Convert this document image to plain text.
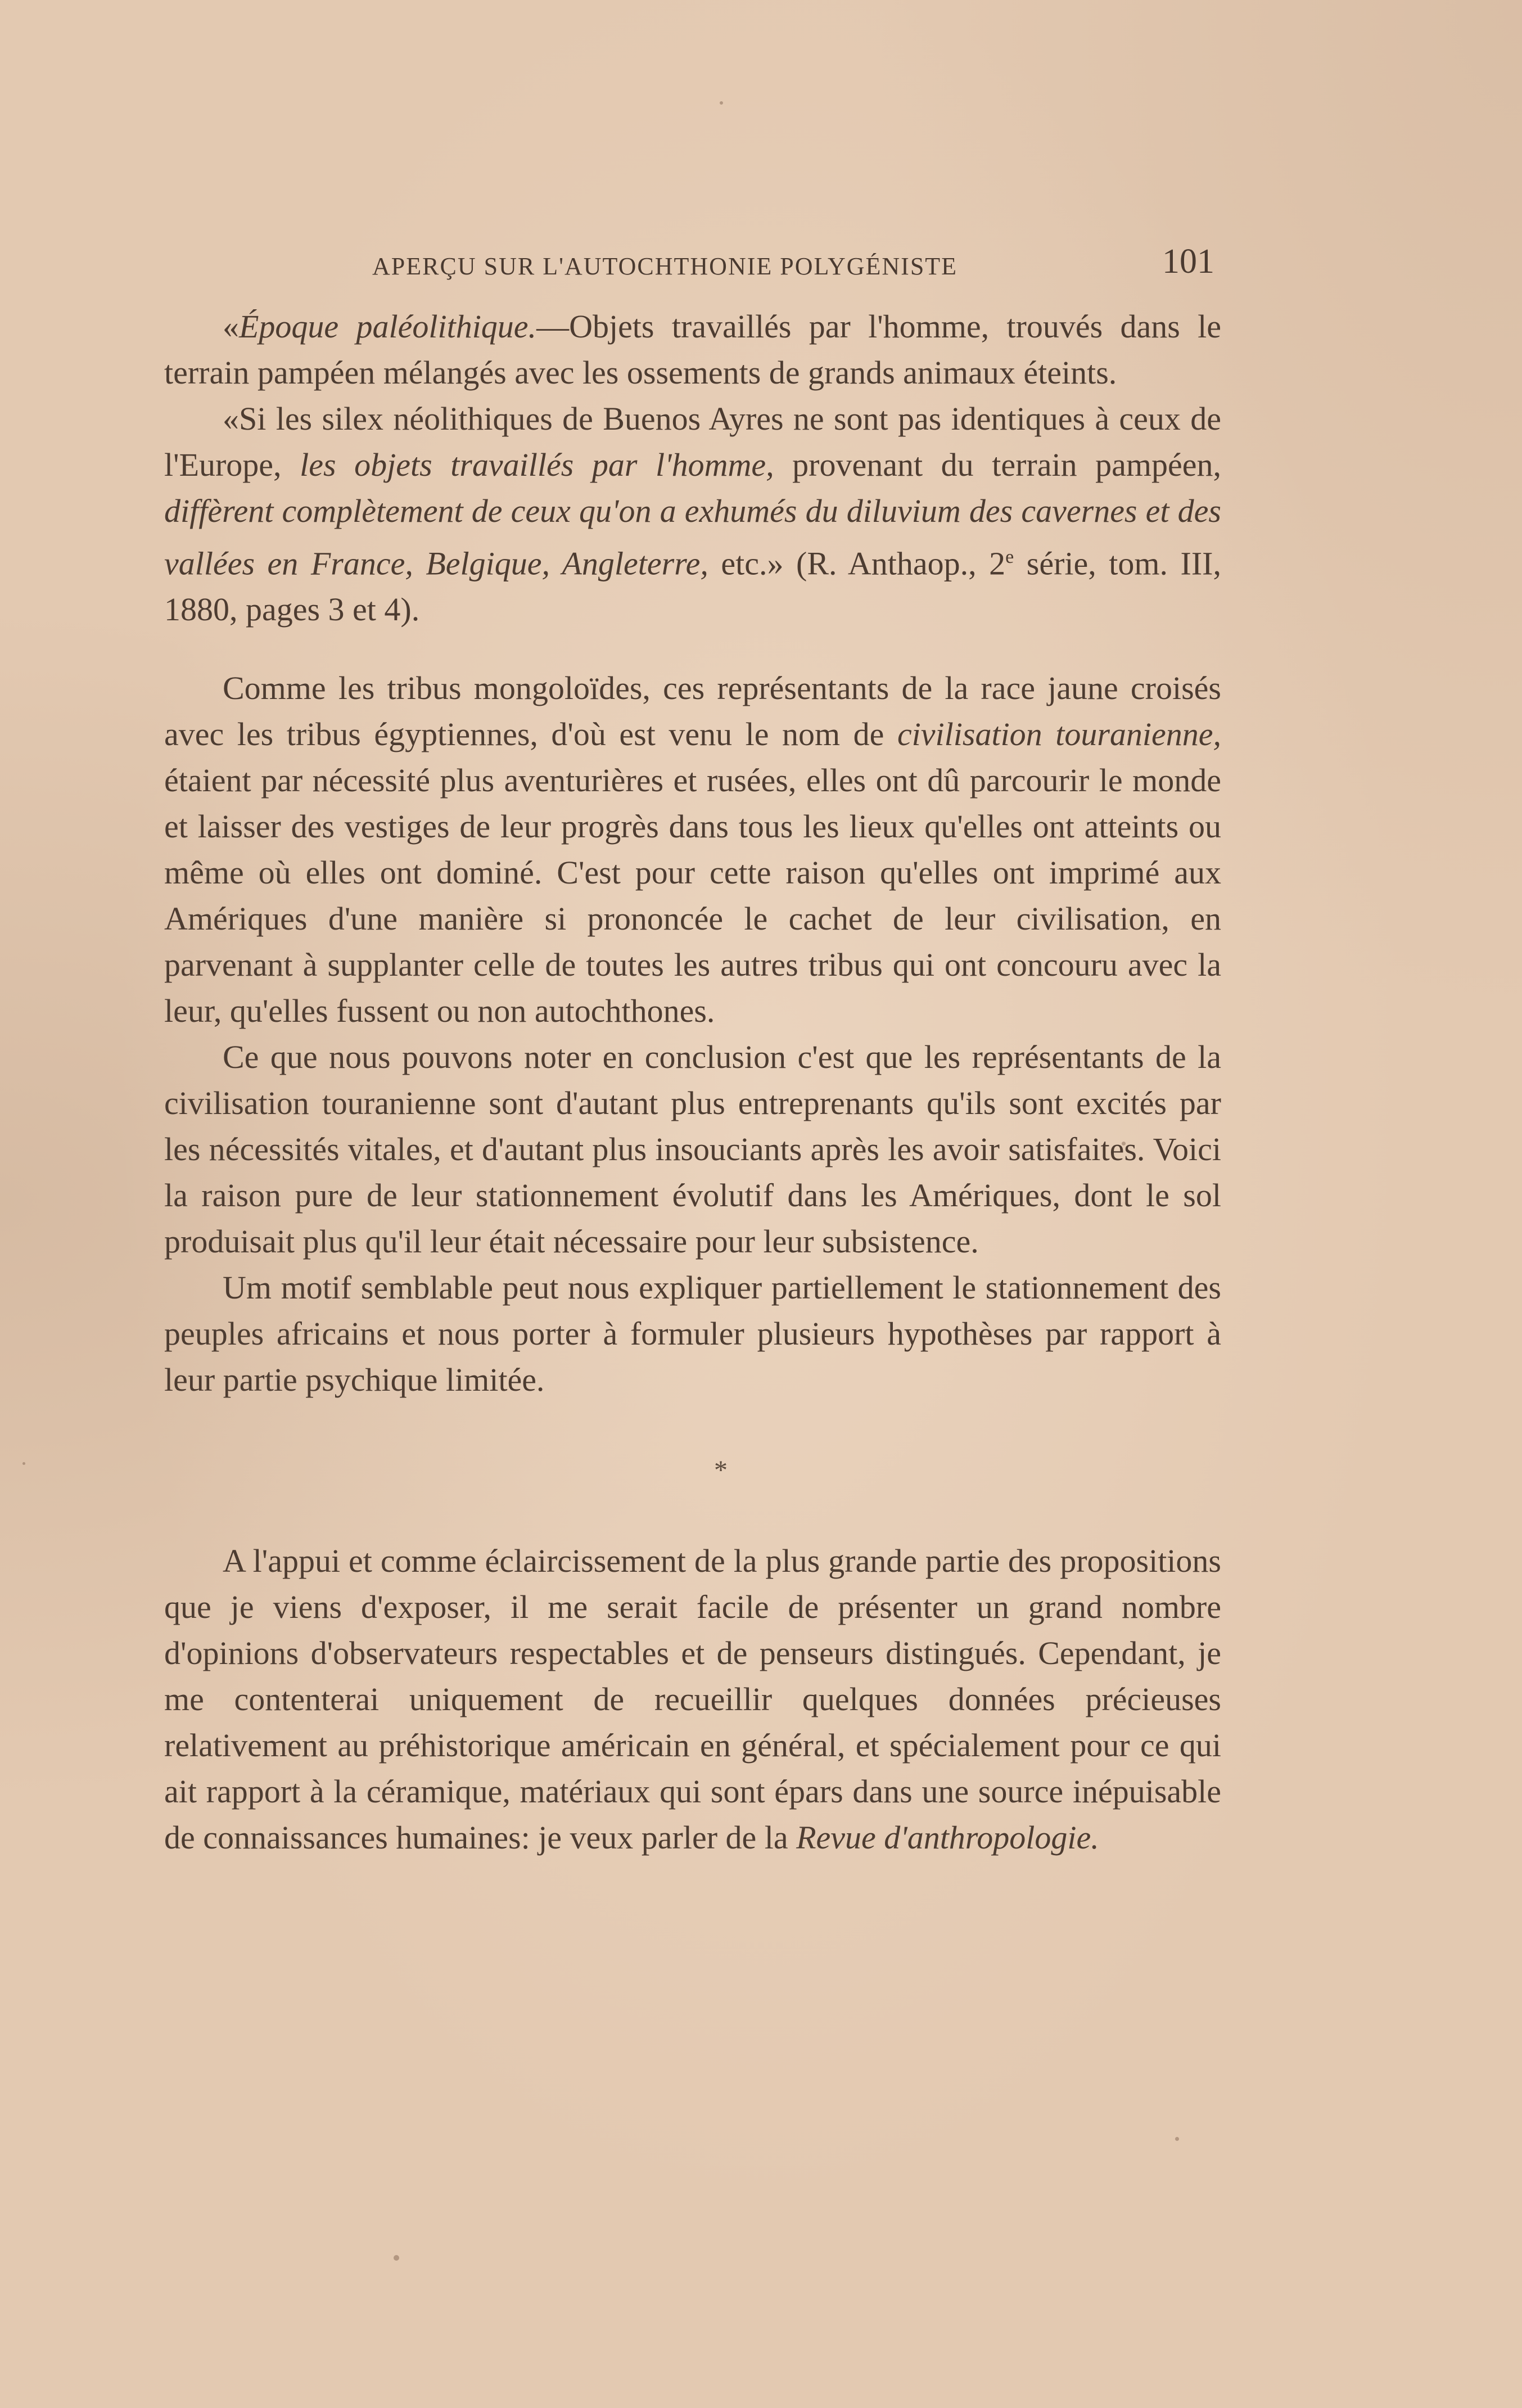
APERÇU SUR L'AUTOCHTHONIE POLYGÉNISTE	101

«Époque paléolithique.—Objets travaillés par l'homme, trouvés dans le terrain pampéen mélangés avec les ossements de grands animaux éteints.

«Si les silex néolithiques de Buenos Ayres ne sont pas identiques à ceux de l'Europe, les objets travaillés par l'homme, provenant du terrain pampéen, diffèrent complètement de ceux qu'on a exhumés du diluvium des cavernes et des vallées en France, Belgique, Angleterre, etc.» (R. Anthaop., 2e série, tom. III, 1880, pages 3 et 4).

Comme les tribus mongoloïdes, ces représentants de la race jaune croisés avec les tribus égyptiennes, d'où est venu le nom de civilisation touranienne, étaient par nécessité plus aventurières et rusées, elles ont dû parcourir le monde et laisser des vestiges de leur progrès dans tous les lieux qu'elles ont atteints ou même où elles ont dominé. C'est pour cette raison qu'elles ont imprimé aux Amériques d'une manière si prononcée le cachet de leur civilisation, en parvenant à supplanter celle de toutes les autres tribus qui ont concouru avec la leur, qu'elles fussent ou non autochthones.

Ce que nous pouvons noter en conclusion c'est que les représentants de la civilisation touranienne sont d'autant plus entreprenants qu'ils sont excités par les nécessités vitales, et d'autant plus insouciants après les avoir satisfaites. Voici la raison pure de leur stationnement évolutif dans les Amériques, dont le sol produisait plus qu'il leur était nécessaire pour leur subsistence.

Um motif semblable peut nous expliquer partiellement le stationnement des peuples africains et nous porter à formuler plusieurs hypothèses par rapport à leur partie psychique limitée.

*

A l'appui et comme éclaircissement de la plus grande partie des propositions que je viens d'exposer, il me serait facile de présenter un grand nombre d'opinions d'observateurs respectables et de penseurs distingués. Cependant, je me contenterai uniquement de recueillir quelques données précieuses relativement au préhistorique américain en général, et spécialement pour ce qui ait rapport à la céramique, matériaux qui sont épars dans une source inépuisable de connaissances humaines: je veux parler de la Revue d'anthropologie.
